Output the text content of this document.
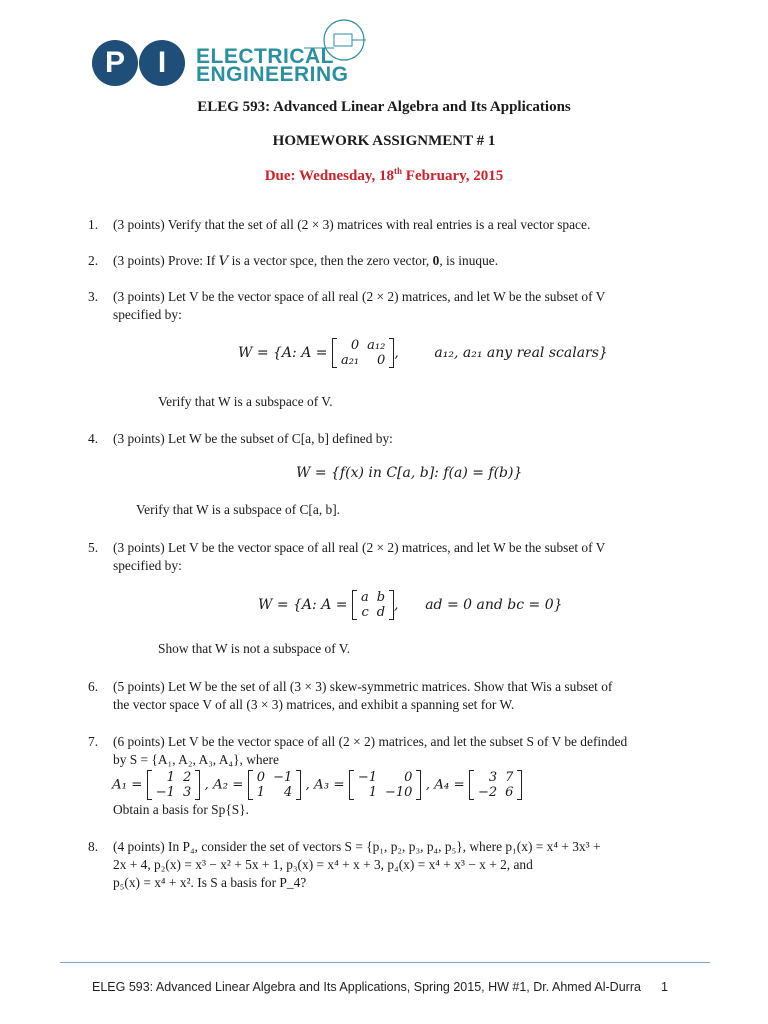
P	I	ELECTRICAL
ENGINEERING
ELEG 593: Advanced Linear Algebra and Its Applications
HOMEWORK ASSIGNMENT # 1
Due: Wednesday, 18th February, 2015
1. (3 points) Verify that the set of all (2 × 3) matrices with real entries is a real vector space.
2. (3 points) Prove: If V is a vector spce, then the zero vector, 0, is inuque.
3. (3 points) Let V be the vector space of all real (2 × 2) matrices, and let W be the subset of V
specified by:
W = {A: A = 0	a₁₂
a₂₁	0 ,        a₁₂, a₂₁ any real scalars}
Verify that W is a subspace of V.
4. (3 points) Let W be the subset of C[a, b] defined by:
W = {f(x) in C[a, b]: f(a) = f(b)}
Verify that W is a subspace of C[a, b].
5. (3 points) Let V be the vector space of all real (2 × 2) matrices, and let W be the subset of V
specified by:
W = {A: A = a	b
c	d ,      ad = 0 and bc = 0}
Show that W is not a subspace of V.
6. (5 points) Let W be the set of all (3 × 3) skew-symmetric matrices. Show that Wis a subset of
the vector space V of all (3 × 3) matrices, and exhibit a spanning set for W.
7. (6 points) Let V be the vector space of all (2 × 2) matrices, and let the subset S of V be definded
by S = {A₁, A₂, A₃, A₄}, where
A₁ = 1	2
−1	3 , A₂ = 0	−1
1	4 , A₃ = −1	0
1	−10 , A₄ = 3	7
−2	6
Obtain a basis for Sp{S}.
8. (4 points) In P₄, consider the set of vectors S = {p₁, p₂, p₃, p₄, p₅}, where p₁(x) = x⁴ + 3x³ +
2x + 4, p₂(x) = x³ − x² + 5x + 1, p₃(x) = x⁴ + x + 3, p₄(x) = x⁴ + x³ − x + 2, and
p₅(x) = x⁴ + x². Is S a basis for P_4?
ELEG 593: Advanced Linear Algebra and Its Applications, Spring 2015, HW #1, Dr. Ahmed Al-Durra 1
